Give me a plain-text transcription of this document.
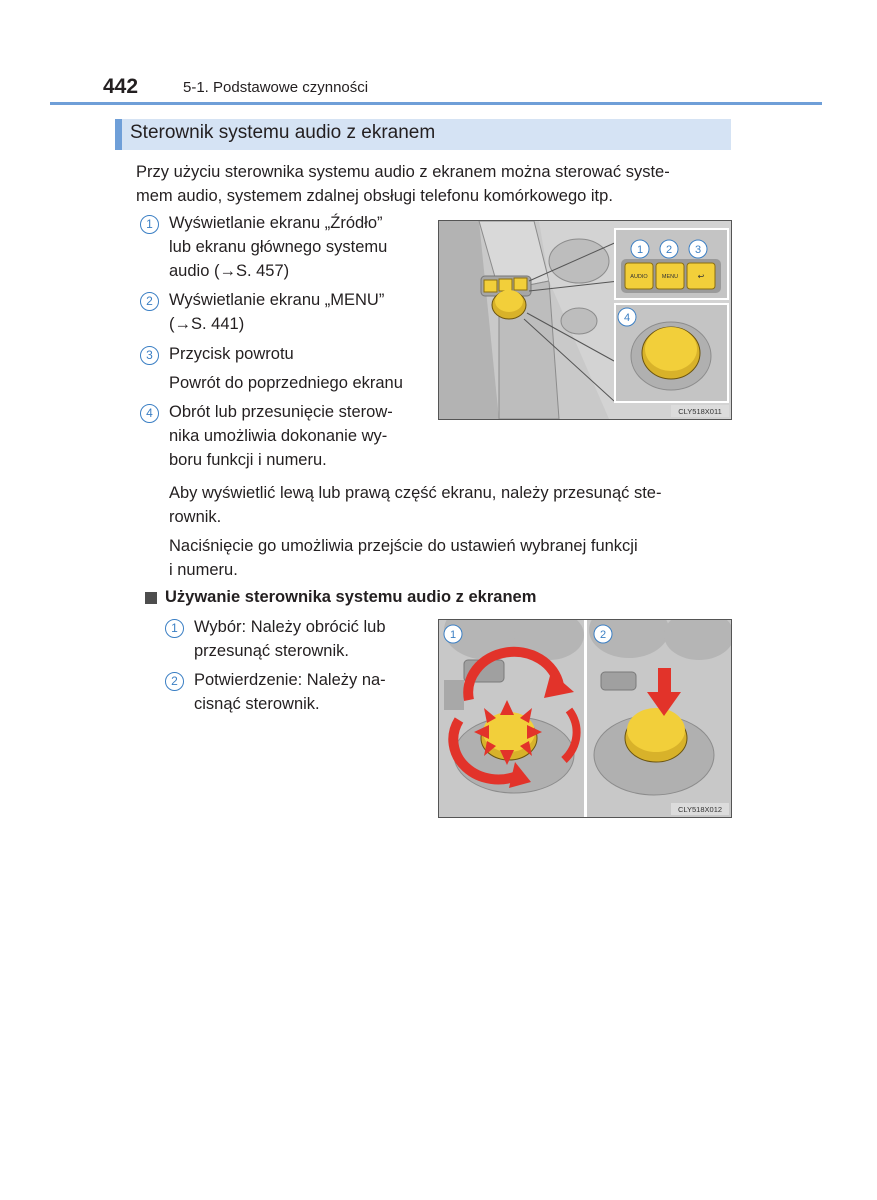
442	5-1. Podstawowe czynności
Sterownik systemu audio z ekranem
Przy użyciu sterownika systemu audio z ekranem można sterować syste-
mem audio, systemem zdalnej obsługi telefonu komórkowego itp.
1 Wyświetlanie ekranu „Źródło”
lub ekranu głównego systemu
audio (→S. 457)
2 Wyświetlanie ekranu „MENU”
(→S. 441)
3 Przycisk powrotu
Powrót do poprzedniego ekranu
4 Obrót lub przesunięcie sterow-
nika umożliwia dokonanie wy-
boru funkcji i numeru.
Aby wyświetlić lewą lub prawą część ekranu, należy przesunąć ste-
rownik.
Naciśnięcie go umożliwia przejście do ustawień wybranej funkcji
i numeru.
Używanie sterownika systemu audio z ekranem
1 Wybór: Należy obrócić lub
przesunąć sterownik.
2 Potwierdzenie: Należy na-
cisnąć sterownik.
AUDIO	MENU ↩
1 2 3
4
CLY518X011
1	2
CLY518X012
